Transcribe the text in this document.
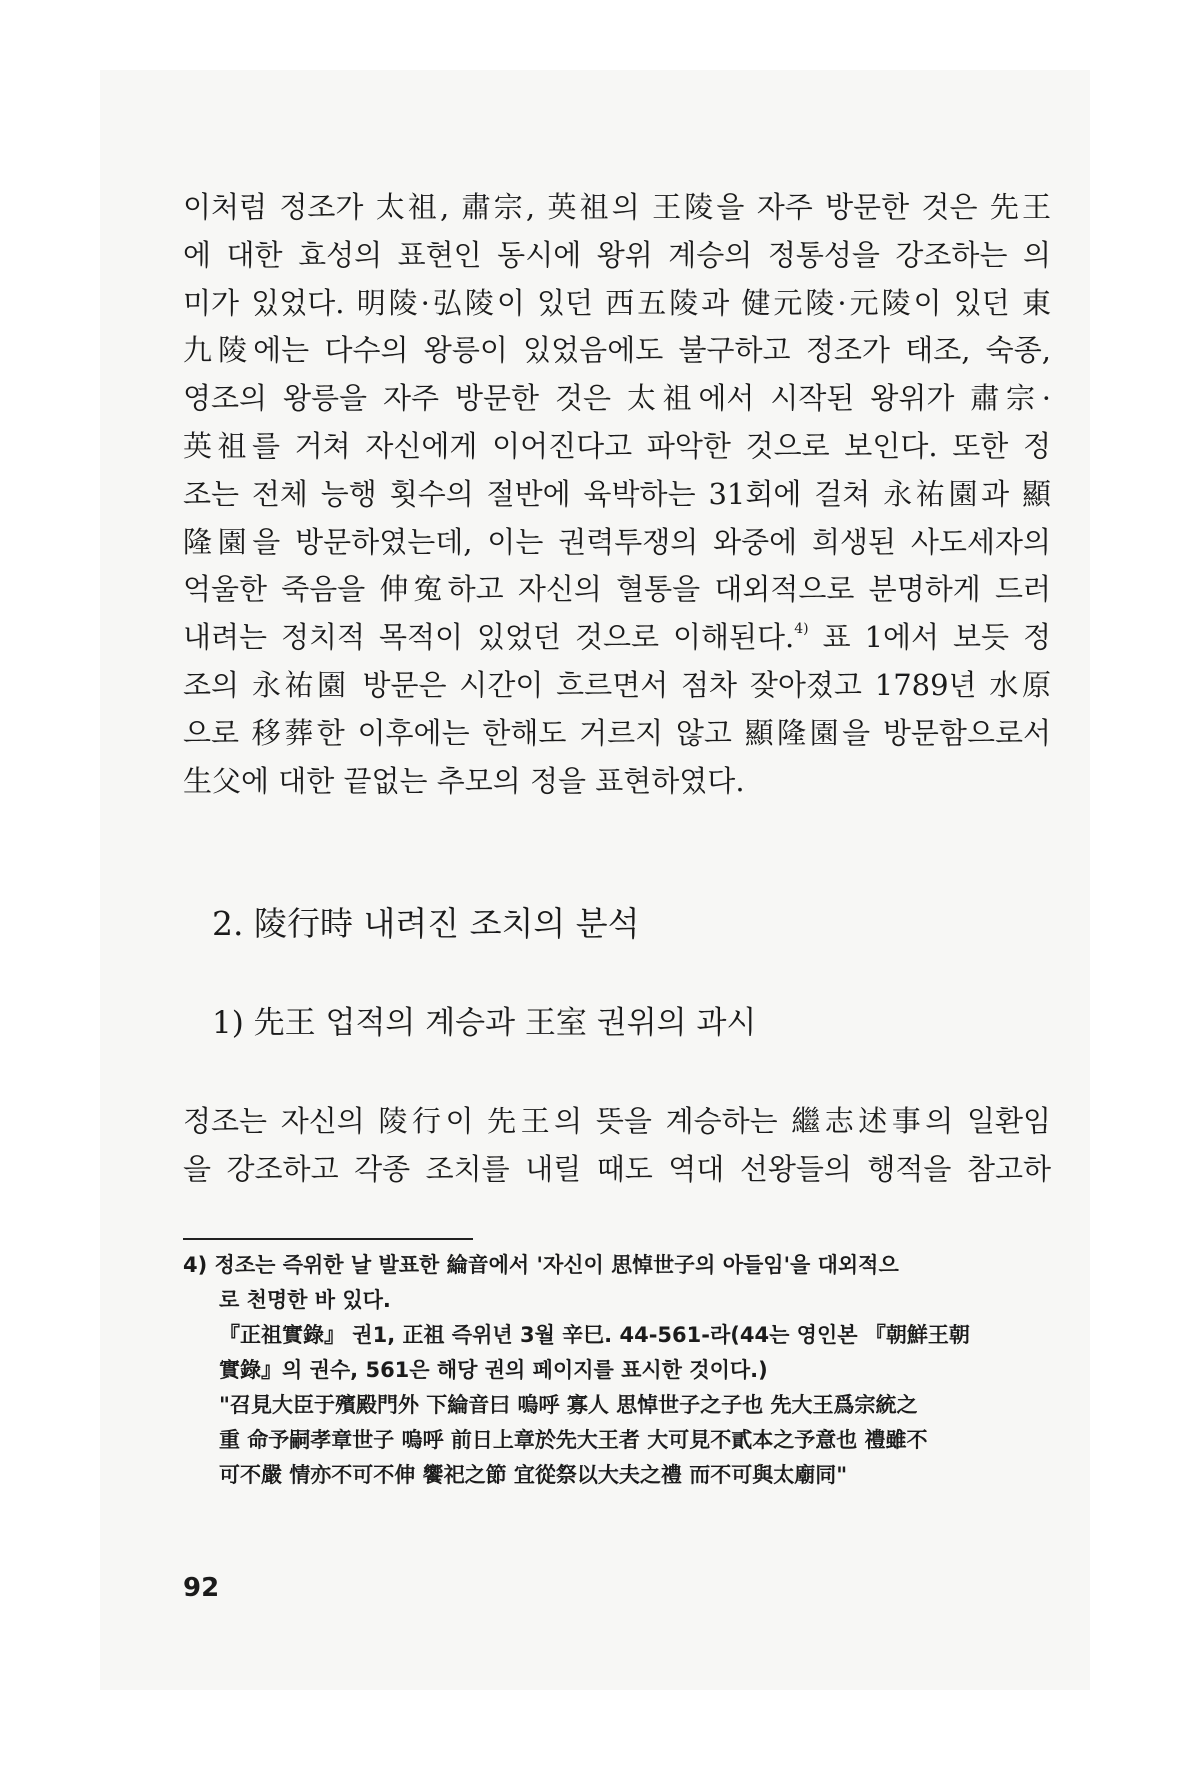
이처럼 정조가 太祖, 肅宗, 英祖의 王陵을 자주 방문한 것은 先王
에 대한 효성의 표현인 동시에 왕위 계승의 정통성을 강조하는 의
미가 있었다. 明陵·弘陵이 있던 西五陵과 健元陵·元陵이 있던 東
九陵에는 다수의 왕릉이 있었음에도 불구하고 정조가 태조, 숙종,
영조의 왕릉을 자주 방문한 것은 太祖에서 시작된 왕위가 肅宗·
英祖를 거쳐 자신에게 이어진다고 파악한 것으로 보인다. 또한 정
조는 전체 능행 횟수의 절반에 육박하는 31회에 걸쳐 永祐園과 顯
隆園을 방문하였는데, 이는 권력투쟁의 와중에 희생된 사도세자의
억울한 죽음을 伸寃하고 자신의 혈통을 대외적으로 분명하게 드러
내려는 정치적 목적이 있었던 것으로 이해된다.$^{4)}$ 표 1에서 보듯 정
조의 永祐園 방문은 시간이 흐르면서 점차 잦아졌고 1789년 水原
으로 移葬한 이후에는 한해도 거르지 않고 顯隆園을 방문함으로서
生父에 대한 끝없는 추모의 정을 표현하였다.
2. 陵行時 내려진 조치의 분석
1) 先王 업적의 계승과 王室 권위의 과시
정조는 자신의 陵行이 先王의 뜻을 계승하는 繼志述事의 일환임
을 강조하고 각종 조치를 내릴 때도 역대 선왕들의 행적을 참고하
4) 정조는 즉위한 날 발표한 綸音에서 '자신이 思悼世子의 아들임'을 대외적으
로 천명한 바 있다.
『正祖實錄』 권1, 正祖 즉위년 3월 辛巳. 44-561-라(44는 영인본 『朝鮮王朝
實錄』의 권수, 561은 해당 권의 페이지를 표시한 것이다.)
"召見大臣于殯殿門外 下綸音曰 嗚呼 寡人 思悼世子之子也 先大王爲宗統之
重 命予嗣孝章世子 嗚呼 前日上章於先大王者 大可見不貳本之予意也 禮雖不
可不嚴 情亦不可不伸 饗祀之節 宜從祭以大夫之禮 而不可與太廟同"
92
